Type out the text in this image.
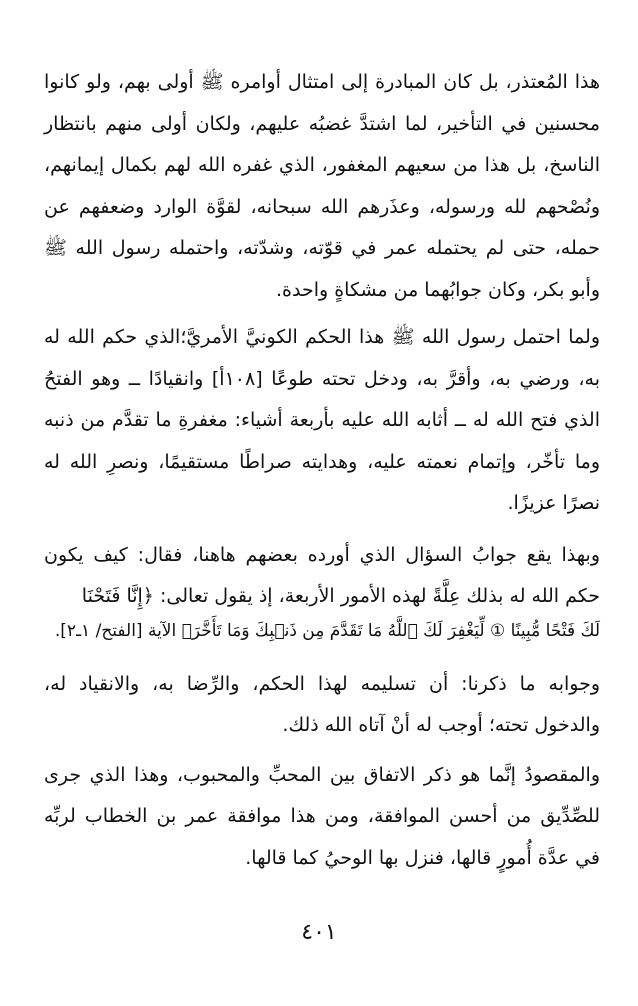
هذا المُعتذر، بل كان المبادرة إلى امتثال أوامره ﷺ أولى بهم، ولو كانوا محسنين في التأخير، لما اشتدَّ غضبُه عليهم، ولكان أولى منهم بانتظار الناسخ، بل هذا من سعيهم المغفور، الذي غفره الله لهم بكمال إيمانهم، ونُصْحهم لله ورسوله، وعذَرهم الله سبحانه، لقوَّة الوارد وضعفهم عن حمله، حتى لم يحتمله عمر في قوّته، وشدّته، واحتمله رسول الله ﷺ وأبو بكر، وكان جوابُهما من مشكاةٍ واحدة.

ولما احتمل رسول الله ﷺ هذا الحكم الكونيَّ الأمريَّ؛الذي حكم الله له به، ورضي به، وأقرَّ به، ودخل تحته طوعًا [١٠٨أ] وانقيادًا ــ وهو الفتحُ الذي فتح الله له ــ أثابه الله عليه بأربعة أشياء: مغفرةِ ما تقدَّم من ذنبه وما تأخّر، وإتمام نعمته عليه، وهدايته صراطًا مستقيمًا، ونصرِ الله له نصرًا عزيزًا.

وبهذا يقع جوابُ السؤال الذي أورده بعضهم هاهنا، فقال: كيف يكون حكم الله له بذلك عِلَّةً لهذه الأمور الأربعة، إذ يقول تعالى: ﴿إِنَّا فَتَحْنَا

لَكَ فَتْحًا مُّبِينًا ① لِّيَغْفِرَ لَكَ ٱللَّهُ مَا تَقَدَّمَ مِن ذَنۢبِكَ وَمَا تَأَخَّرَ﴾ الآية [الفتح/ ١ـ٢].

وجوابه ما ذكرنا: أن تسليمه لهذا الحكم، والرِّضا به، والانقياد له، والدخول تحته؛ أوجب له أنْ آتاه الله ذلك.

والمقصودُ إنَّما هو ذكر الاتفاق بين المحبِّ والمحبوب، وهذا الذي جرى للصِّدِّيق من أحسن الموافقة، ومن هذا موافقة عمر بن الخطاب لربِّه في عدَّة أُمورٍ قالها، فنزل بها الوحيُ كما قالها.

٤٠١
